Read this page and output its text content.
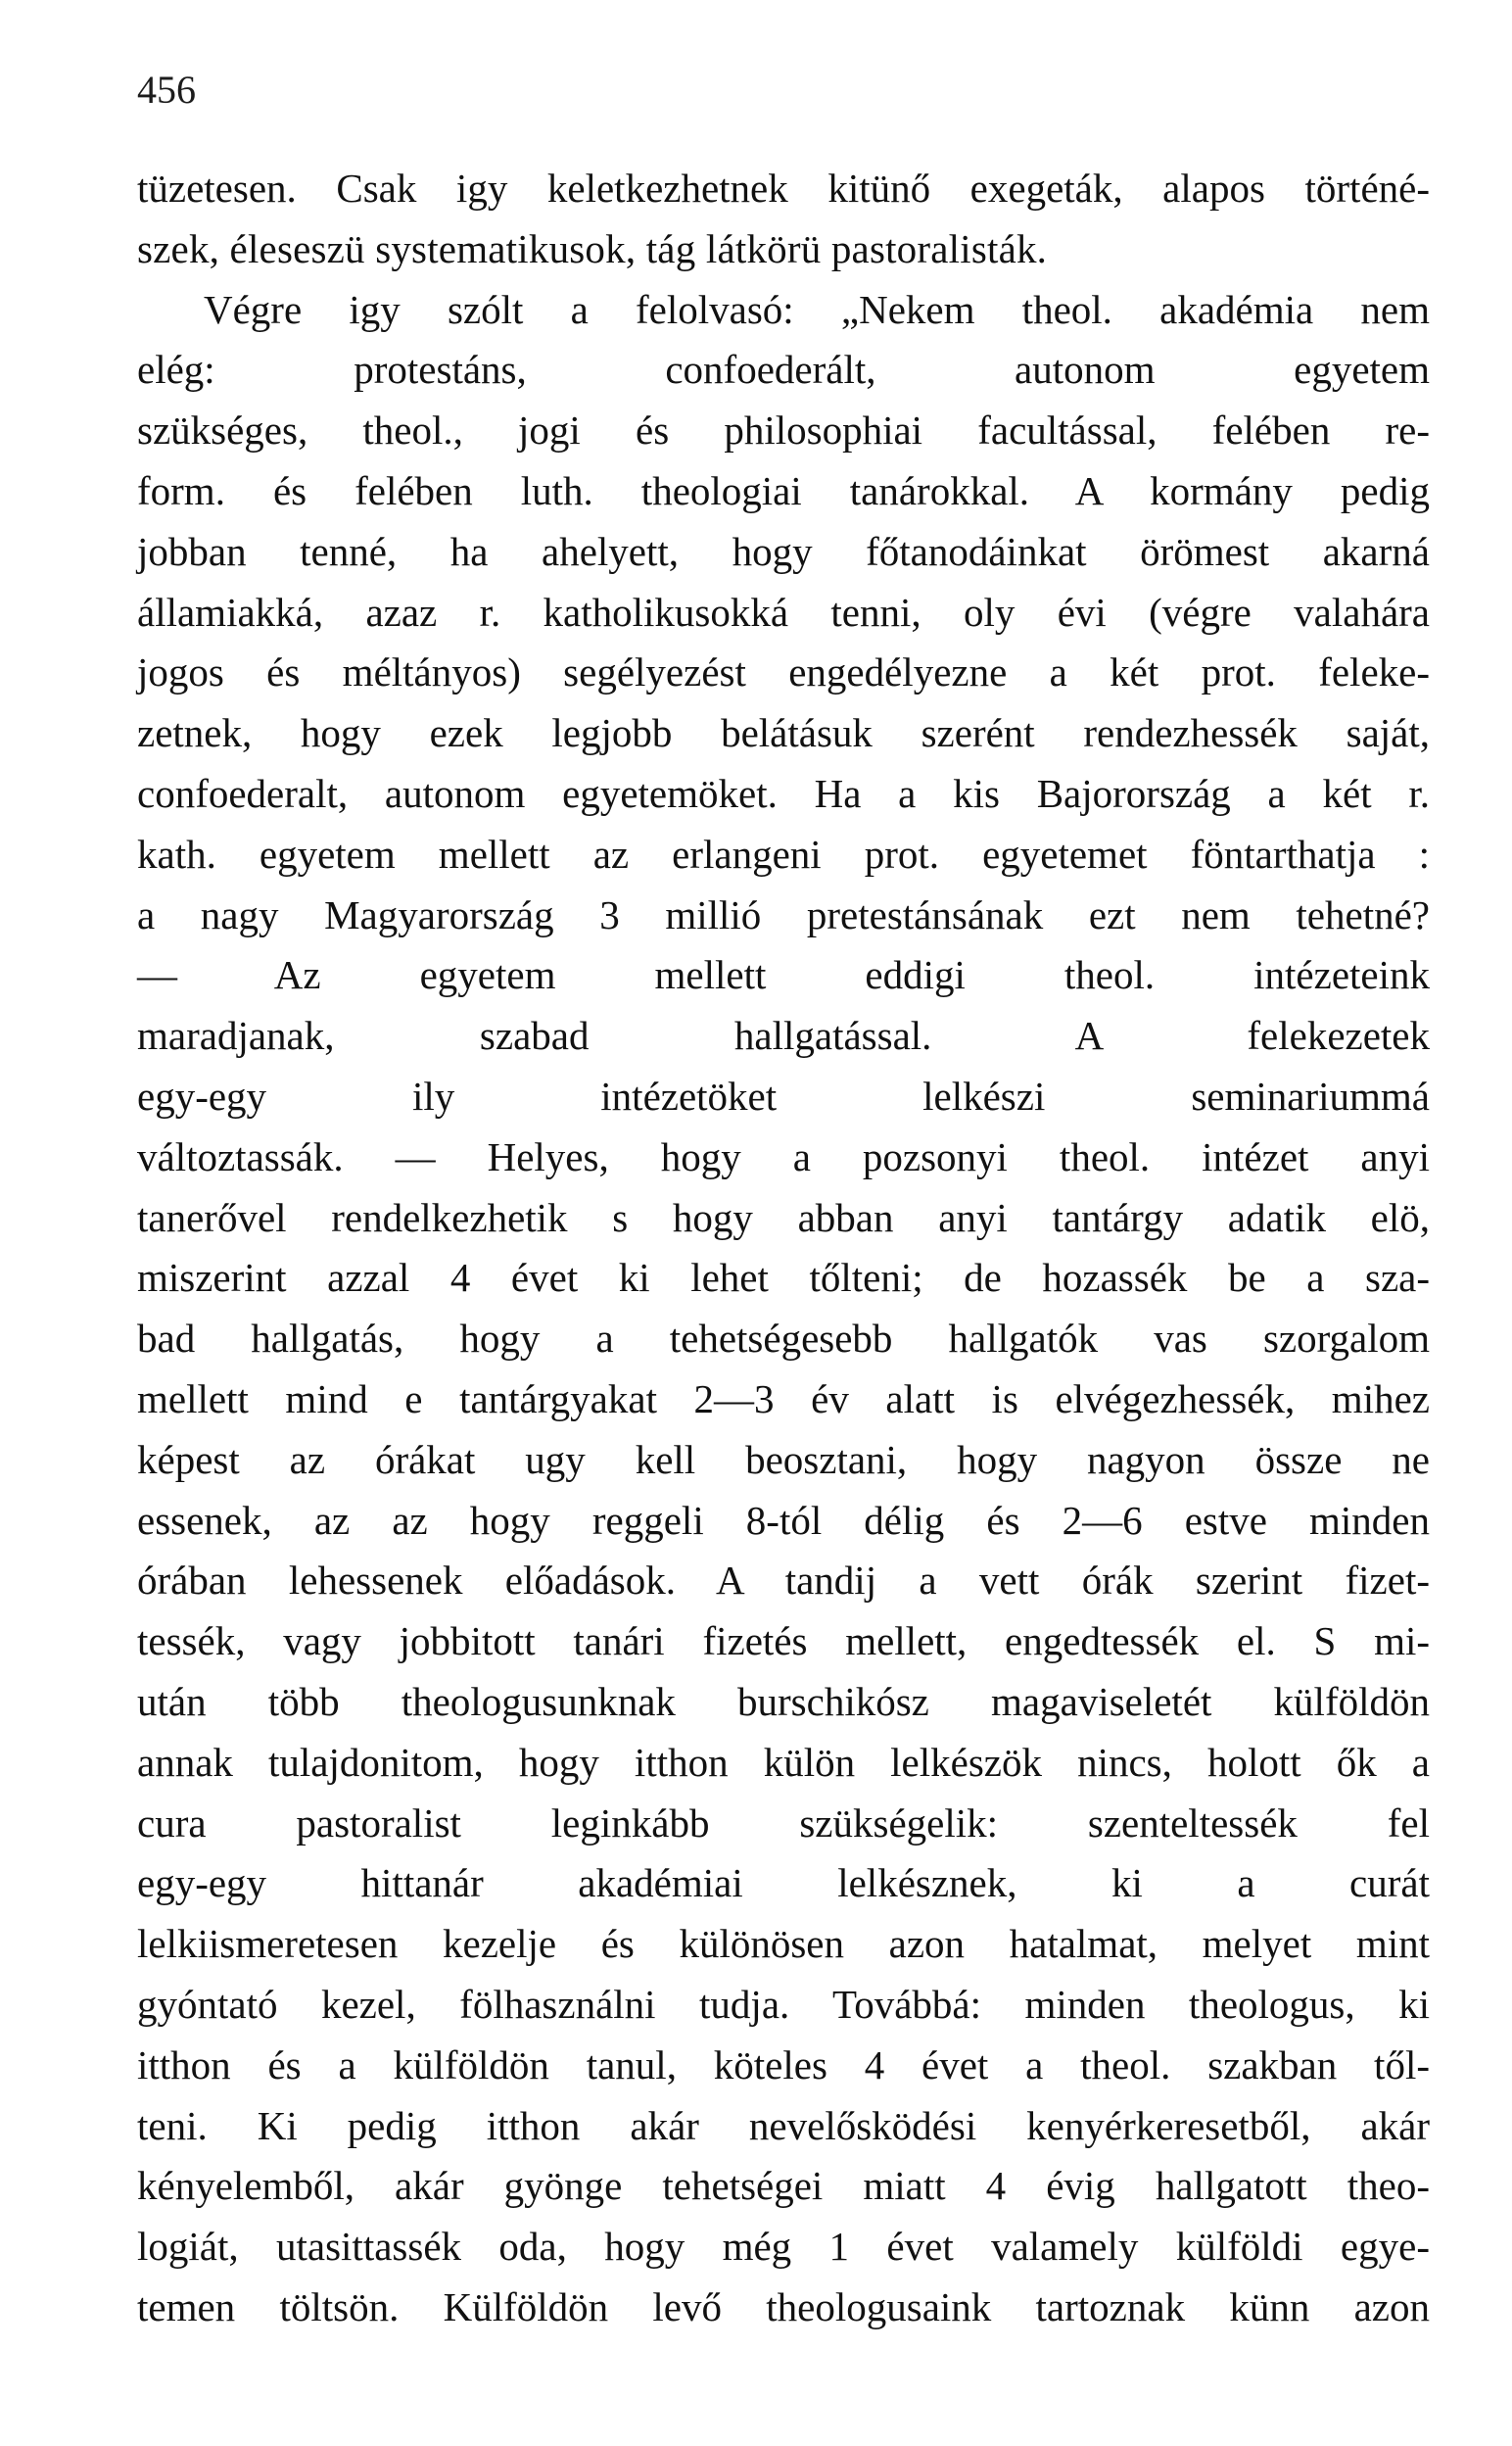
456
tüzetesen. Csak igy keletkezhetnek kitünő exegeták, alapos történé-
szek, éleseszü systematikusok, tág látkörü pastoralisták.
Végre igy szólt a felolvasó: „Nekem theol. akadémia nem
elég: protestáns, confoederált, autonom egyetem
szükséges, theol., jogi és philosophiai facultással, felében re-
form. és felében luth. theologiai tanárokkal. A kormány pedig
jobban tenné, ha ahelyett, hogy főtanodáinkat örömest akarná
államiakká, azaz r. katholikusokká tenni, oly évi (végre valahára
jogos és méltányos) segélyezést engedélyezne a két prot. feleke-
zetnek, hogy ezek legjobb belátásuk szerént rendezhessék saját,
confoederalt, autonom egyetemöket. Ha a kis Bajorország a két r.
kath. egyetem mellett az erlangeni prot. egyetemet föntarthatja :
a nagy Magyarország 3 millió pretestánsának ezt nem tehetné?
— Az egyetem mellett eddigi theol. intézeteink
maradjanak, szabad hallgatással. A felekezetek
egy-egy ily intézetöket lelkészi seminariummá
változtassák. — Helyes, hogy a pozsonyi theol. intézet anyi
tanerővel rendelkezhetik s hogy abban anyi tantárgy adatik elö,
miszerint azzal 4 évet ki lehet tőlteni; de hozassék be a sza-
bad hallgatás, hogy a tehetségesebb hallgatók vas szorgalom
mellett mind e tantárgyakat 2—3 év alatt is elvégezhessék, mihez
képest az órákat ugy kell beosztani, hogy nagyon össze ne
essenek, az az hogy reggeli 8-tól délig és 2—6 estve minden
órában lehessenek előadások. A tandij a vett órák szerint fizet-
tessék, vagy jobbitott tanári fizetés mellett, engedtessék el. S mi-
után több theologusunknak burschikósz magaviseletét külföldön
annak tulajdonitom, hogy itthon külön lelkészök nincs, holott ők a
cura pastoralist leginkább szükségelik: szenteltessék fel
egy-egy hittanár akadémiai lelkésznek, ki a curát
lelkiismeretesen kezelje és különösen azon hatalmat, melyet mint
gyóntató kezel, fölhasználni tudja. Továbbá: minden theologus, ki
itthon és a külföldön tanul, köteles 4 évet a theol. szakban től-
teni. Ki pedig itthon akár nevelősködési kenyérkeresetből, akár
kényelemből, akár gyönge tehetségei miatt 4 évig hallgatott theo-
logiát, utasittassék oda, hogy még 1 évet valamely külföldi egye-
temen töltsön. Külföldön levő theologusaink tartoznak künn azon
